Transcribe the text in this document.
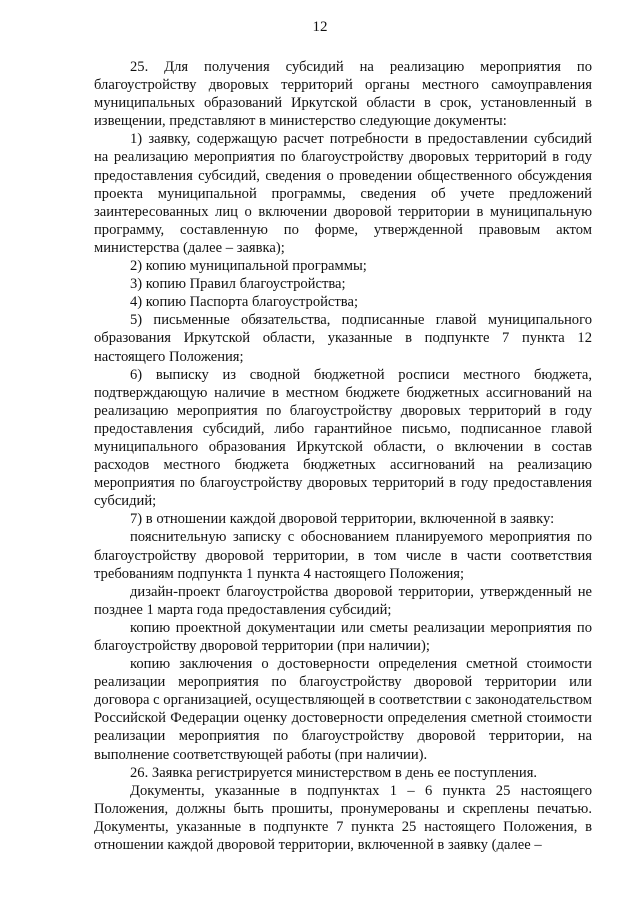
12

25. Для получения субсидий на реализацию мероприятия по благоустройству дворовых территорий органы местного самоуправления муниципальных образований Иркутской области в срок, установленный в извещении, представляют в министерство следующие документы:

1) заявку, содержащую расчет потребности в предоставлении субсидий на реализацию мероприятия по благоустройству дворовых территорий в году предоставления субсидий, сведения о проведении общественного обсуждения проекта муниципальной программы, сведения об учете предложений заинтересованных лиц о включении дворовой территории в муниципальную программу, составленную по форме, утвержденной правовым актом министерства (далее – заявка);

2) копию муниципальной программы;

3) копию Правил благоустройства;

4) копию Паспорта благоустройства;

5) письменные обязательства, подписанные главой муниципального образования Иркутской области, указанные в подпункте 7 пункта 12 настоящего Положения;

6) выписку из сводной бюджетной росписи местного бюджета, подтверждающую наличие в местном бюджете бюджетных ассигнований на реализацию мероприятия по благоустройству дворовых территорий в году предоставления субсидий, либо гарантийное письмо, подписанное главой муниципального образования Иркутской области, о включении в состав расходов местного бюджета бюджетных ассигнований на реализацию мероприятия по благоустройству дворовых территорий в году предоставления субсидий;

7) в отношении каждой дворовой территории, включенной в заявку:

пояснительную записку с обоснованием планируемого мероприятия по благоустройству дворовой территории, в том числе в части соответствия требованиям подпункта 1 пункта 4 настоящего Положения;

дизайн-проект благоустройства дворовой территории, утвержденный не позднее 1 марта года предоставления субсидий;

копию проектной документации или сметы реализации мероприятия по благоустройству дворовой территории (при наличии);

копию заключения о достоверности определения сметной стоимости реализации мероприятия по благоустройству дворовой территории или договора с организацией, осуществляющей в соответствии с законодательством Российской Федерации оценку достоверности определения сметной стоимости реализации мероприятия по благоустройству дворовой территории, на выполнение соответствующей работы (при наличии).

26. Заявка регистрируется министерством в день ее поступления.

Документы, указанные в подпунктах 1 – 6 пункта 25 настоящего Положения, должны быть прошиты, пронумерованы и скреплены печатью. Документы, указанные в подпункте 7 пункта 25 настоящего Положения, в отношении каждой дворовой территории, включенной в заявку (далее –
